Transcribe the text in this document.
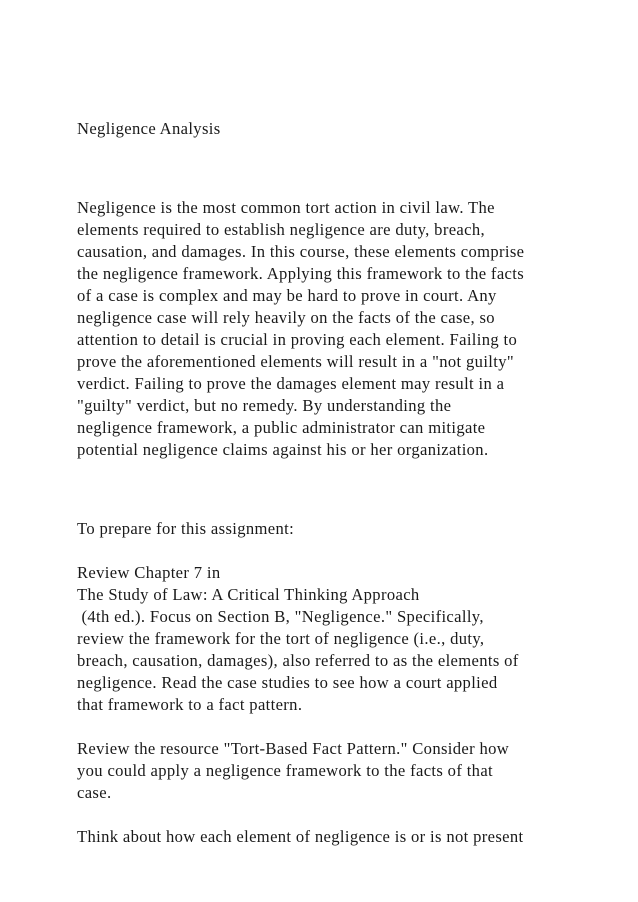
Negligence Analysis
Negligence is the most common tort action in civil law. The
elements required to establish negligence are duty, breach,
causation, and damages. In this course, these elements comprise
the negligence framework. Applying this framework to the facts
of a case is complex and may be hard to prove in court. Any
negligence case will rely heavily on the facts of the case, so
attention to detail is crucial in proving each element. Failing to
prove the aforementioned elements will result in a "not guilty"
verdict. Failing to prove the damages element may result in a
"guilty" verdict, but no remedy. By understanding the
negligence framework, a public administrator can mitigate
potential negligence claims against his or her organization.
To prepare for this assignment:
Review Chapter 7 in
The Study of Law: A Critical Thinking Approach
(4th ed.). Focus on Section B, "Negligence." Specifically,
review the framework for the tort of negligence (i.e., duty,
breach, causation, damages), also referred to as the elements of
negligence. Read the case studies to see how a court applied
that framework to a fact pattern.
Review the resource "Tort-Based Fact Pattern." Consider how
you could apply a negligence framework to the facts of that
case.
Think about how each element of negligence is or is not present
